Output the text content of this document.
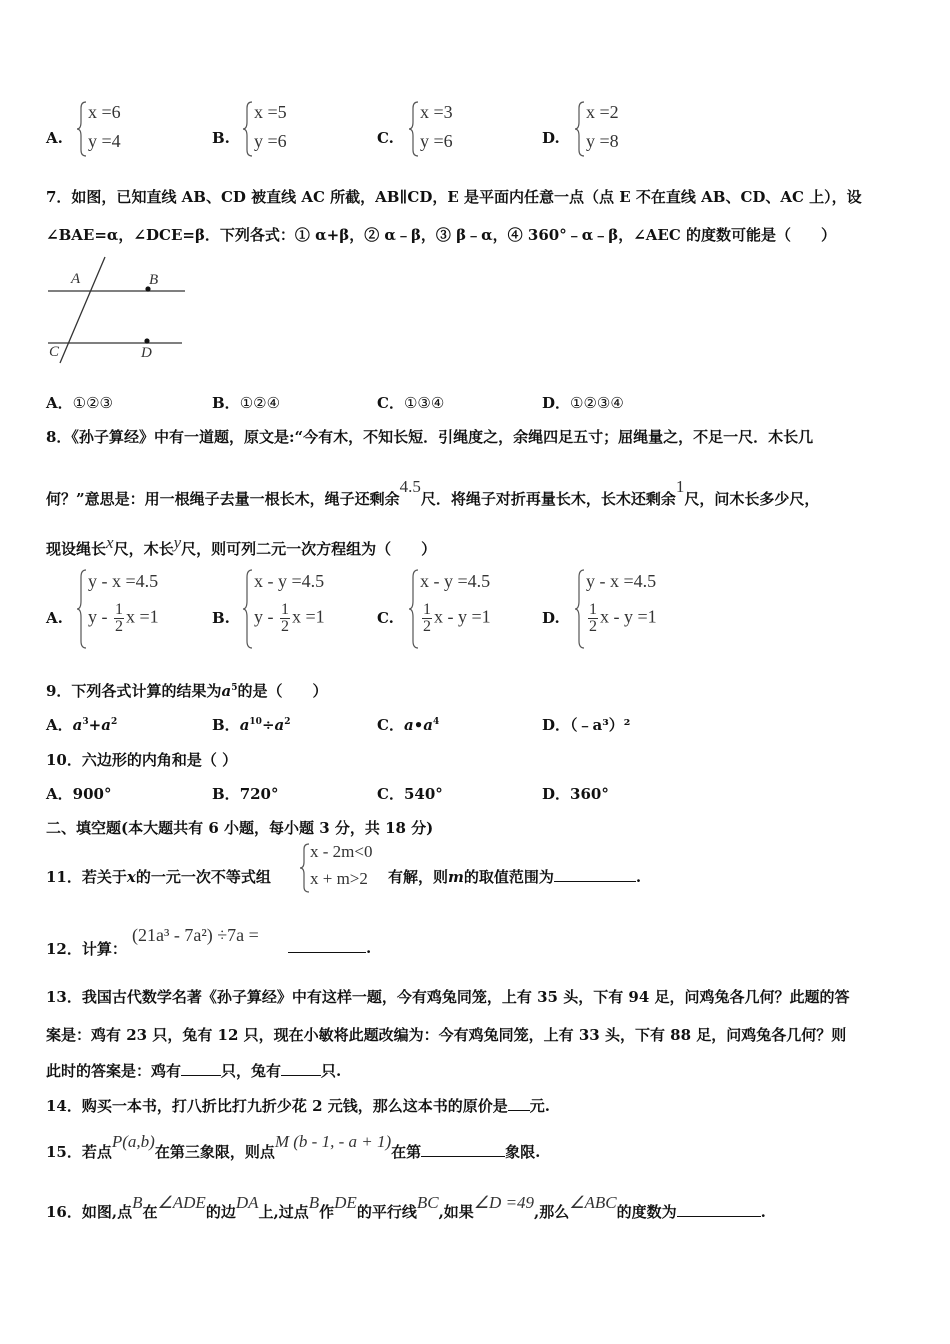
A.
x =6
y =4	B.
x =5
y =6	C.
x =3
y =6	D.
x =2
y =8
7．如图，已知直线 AB、CD 被直线 AC 所截，AB∥CD，E 是平面内任意一点（点 E 不在直线 AB、CD、AC 上），设
∠BAE=α，∠DCE=β．下列各式：① α+β，② α﹣β，③ β﹣α，④ 360°﹣α﹣β，∠AEC 的度数可能是（　　）
A	B
C	D
A．①②③	B．①②④	C．①③④	D．①②③④
8．《孙子算经》中有一道题，原文是:“今有木，不知长短．引绳度之，余绳四足五寸；屈绳量之，不足一尺．木长几
何？”意思是：用一根绳子去量一根长木，绳子还剩余4.5尺．将绳子对折再量长木，长木还剩余1尺，问木长多少尺，
现设绳长x尺，木长y尺，则可列二元一次方程组为（　　）
A.
y - x =4.5
y - $\frac{1}{2}$ x =1	B.
x - y =4.5
y - $\frac{1}{2}$ x =1	C.
x - y =4.5
$\frac{1}{2}$ x - y =1	D.
y - x =4.5
$\frac{1}{2}$ x - y =1
9．下列各式计算的结果为$a^5$的是（　　）
A．$a^3+a^2$	B．$a^{10}\div a^2$	C．$a•a^4$	D．（﹣a³）²
10．六边形的内角和是（ ）
A．900°	B．720°	C．540°	D．360°
二、填空题(本大题共有 6 小题，每小题 3 分，共 18 分)
11．若关于x的一元一次不等式组
x - 2m<0
x + m>2 有解，则m的取值范围为	.
12．计算：
(21a³ - 7a²) ÷7a =
.
13．我国古代数学名著《孙子算经》中有这样一题，今有鸡兔同笼，上有 35 头，下有 94 足，问鸡兔各几何？此题的答
案是：鸡有 23 只，兔有 12 只，现在小敏将此题改编为：今有鸡兔同笼，上有 33 头，下有 88 足，问鸡兔各几何？则
此时的答案是：鸡有	只，兔有	只.
14．购买一本书，打八折比打九折少花 2 元钱，那么这本书的原价是 元.
15．若点P(a,b)在第三象限，则点M (b - 1, - a + 1)在第	象限.
16．如图,点B在∠ADE的边DA上,过点B作DE的平行线BC,如果∠D =49,那么∠ABC的度数为	.
